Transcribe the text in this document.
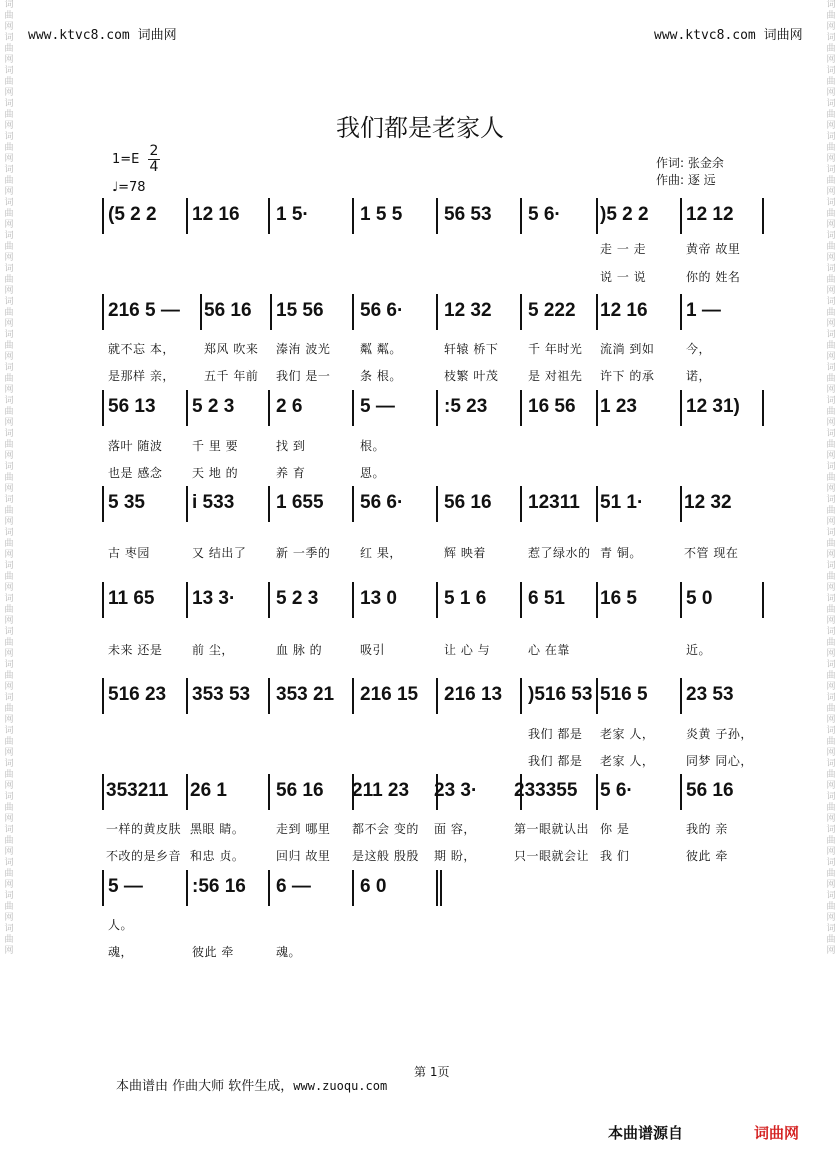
词曲网词曲网词曲网词曲网词曲网词曲网词曲网词曲网词曲网词曲网词曲网词曲网词曲网词曲网词曲网词曲网词曲网词曲网词曲网词曲网词曲网词曲网词曲网词曲网词曲网词曲网词曲网词曲网词曲网
词曲网词曲网词曲网词曲网词曲网词曲网词曲网词曲网词曲网词曲网词曲网词曲网词曲网词曲网词曲网词曲网词曲网词曲网词曲网词曲网词曲网词曲网词曲网词曲网词曲网词曲网词曲网词曲网词曲网
www.ktvc8.com 词曲网	www.ktvc8.com 词曲网
我们都是老家人
$1=E \frac{2}{4}$
♩=78
作词: 张金余
作曲: 逐 远
(5 2 2 12 16 1 5·	1 5 5 56 53 5 6· )5 2 2 12 12
走 一 走	黄帝 故里
说 一 说	你的 姓名
216 5 — 56 16 15 56 56 6· 12 32 5 222 12 16 1 —
就不忘 本， 郑风 吹来 溱洧 波光 粼 粼。	轩辕 桥下 千 年时光 流淌 到如	今，
是那样 亲， 五千 年前 我们 是一 条 根。	枝繁 叶茂 是 对祖先 许下 的承	诺，
56 13 5 2 3 2 6	5 —	:5 23 16 56 1 23	12 31)
落叶 随波 千 里 要	找 到	根。
也是 感念 天 地 的	养 育	恩。
5 35 i 533 1 655 56 6· 56 16 12311 51 1· 12 32
古 枣园	又 结出了 新 一季的 红 果，	辉 映着	惹了绿水的 青 铜。	不管 现在
11 65 13 3· 5 2 3 13 0 5 1 6 6 51 16 5	5 0
未来 还是 前 尘，	血 脉 的	吸引	让 心 与	心 在靠	近。
516 23 353 53 353 21 216 15 216 13 )516 53 516 5 23 53
我们 都是 老家 人，	炎黄 子孙，
我们 都是 老家 人，	同梦 同心，
353211 26 1	56 16 211 23 23 3· 233355 5 6·	56 16
一样的黄皮肤 黑眼 睛。	走到 哪里 都不会 变的 面 容，	第一眼就认出 你 是	我的 亲
不改的是乡音 和忠 贞。	回归 故里 是这般 殷殷 期 盼，	只一眼就会让 我 们	彼此 牵
5 —	:56 16 6 —	6 0
人。
魂，	彼此 牵	魂。
第 1页
本曲谱由 作曲大师 软件生成，www.zuoqu.com
本曲谱源自	词曲网
